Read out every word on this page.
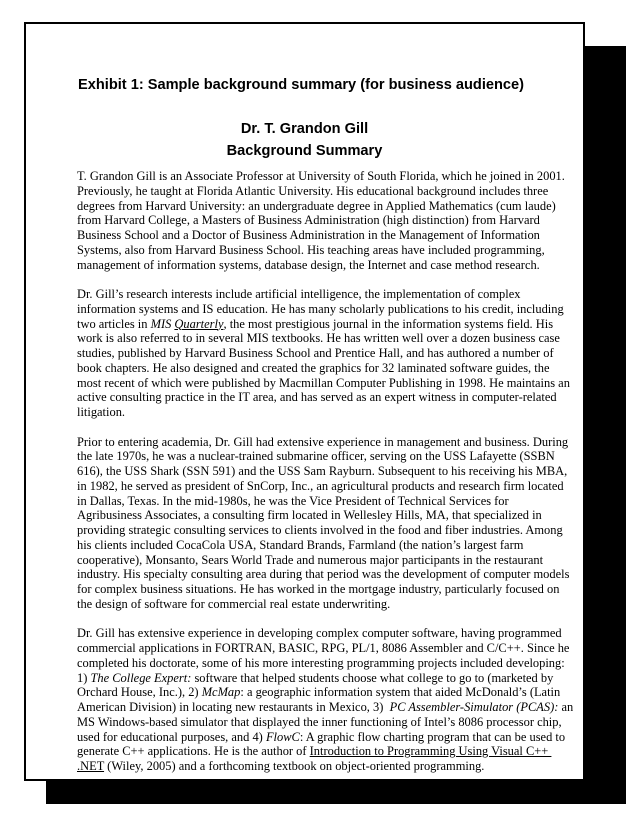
Exhibit 1: Sample background summary (for business audience)
Dr. T. Grandon Gill
Background Summary

T. Grandon Gill is an Associate Professor at University of South Florida, which he joined in 2001.
Previously, he taught at Florida Atlantic University. His educational background includes three
degrees from Harvard University: an undergraduate degree in Applied Mathematics (cum laude)
from Harvard College, a Masters of Business Administration (high distinction) from Harvard
Business School and a Doctor of Business Administration in the Management of Information
Systems, also from Harvard Business School. His teaching areas have included programming,
management of information systems, database design, the Internet and case method research.

Dr. Gill’s research interests include artificial intelligence, the implementation of complex
information systems and IS education. He has many scholarly publications to his credit, including
two articles in MIS Quarterly, the most prestigious journal in the information systems field. His
work is also referred to in several MIS textbooks. He has written well over a dozen business case
studies, published by Harvard Business School and Prentice Hall, and has authored a number of
book chapters. He also designed and created the graphics for 32 laminated software guides, the
most recent of which were published by Macmillan Computer Publishing in 1998. He maintains an
active consulting practice in the IT area, and has served as an expert witness in computer-related
litigation.

Prior to entering academia, Dr. Gill had extensive experience in management and business. During
the late 1970s, he was a nuclear-trained submarine officer, serving on the USS Lafayette (SSBN
616), the USS Shark (SSN 591) and the USS Sam Rayburn. Subsequent to his receiving his MBA,
in 1982, he served as president of SnCorp, Inc., an agricultural products and research firm located
in Dallas, Texas. In the mid-1980s, he was the Vice President of Technical Services for
Agribusiness Associates, a consulting firm located in Wellesley Hills, MA, that specialized in
providing strategic consulting services to clients involved in the food and fiber industries. Among
his clients included CocaCola USA, Standard Brands, Farmland (the nation’s largest farm
cooperative), Monsanto, Sears World Trade and numerous major participants in the restaurant
industry. His specialty consulting area during that period was the development of computer models
for complex business situations. He has worked in the mortgage industry, particularly focused on
the design of software for commercial real estate underwriting.

Dr. Gill has extensive experience in developing complex computer software, having programmed
commercial applications in FORTRAN, BASIC, RPG, PL/1, 8086 Assembler and C/C++. Since he
completed his doctorate, some of his more interesting programming projects included developing:
1) The College Expert: software that helped students choose what college to go to (marketed by
Orchard House, Inc.), 2) McMap: a geographic information system that aided McDonald’s (Latin
American Division) in locating new restaurants in Mexico, 3)  PC Assembler-Simulator (PCAS): an
MS Windows-based simulator that displayed the inner functioning of Intel’s 8086 processor chip,
used for educational purposes, and 4) FlowC: A graphic flow charting program that can be used to
generate C++ applications. He is the author of Introduction to Programming Using Visual C++
.NET (Wiley, 2005) and a forthcoming textbook on object-oriented programming.
